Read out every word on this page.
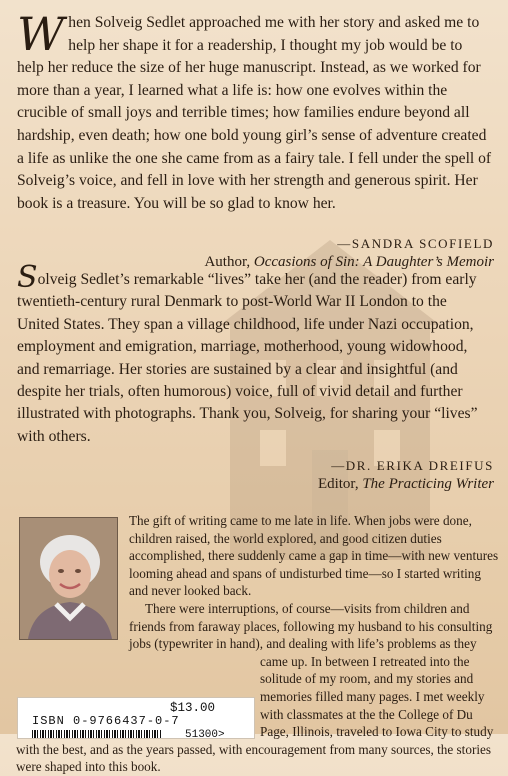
When Solveig Sedlet approached me with her story and asked me to help her shape it for a readership, I thought my job would be to help her reduce the size of her huge manuscript. Instead, as we worked for more than a year, I learned what a life is: how one evolves within the crucible of small joys and terrible times; how families endure beyond all hardship, even death; how one bold young girl’s sense of adventure created a life as unlike the one she came from as a fairy tale. I fell under the spell of Solveig’s voice, and fell in love with her strength and generous spirit. Her book is a treasure. You will be so glad to know her.
—SANDRA SCOFIELD
Author, Occasions of Sin: A Daughter’s Memoir
Solveig Sedlet’s remarkable “lives” take her (and the reader) from early twentieth-century rural Denmark to post-World War II London to the United States. They span a village childhood, life under Nazi occupation, employment and emigration, marriage, motherhood, young widowhood, and remarriage. Her stories are sustained by a clear and insightful (and despite her trials, often humorous) voice, full of vivid detail and further illustrated with photographs. Thank you, Solveig, for sharing your “lives” with others.
—DR. ERIKA DREIFUS
Editor, The Practicing Writer

The gift of writing came to me late in life. When jobs were done, children raised, the world explored, and good citizen duties accomplished, there suddenly came a gap in time—with new ventures looming ahead and spans of undisturbed time—so I started writing and never looked back.

There were interruptions, of course—visits from children and friends from faraway places, following my husband to his consulting jobs (typewriter in hand), and dealing with life’s problems as they came up. In between I retreated into the solitude of my room, and my stories and memories filled many pages. I met weekly with classmates at the the College of Du Page, Illinois, traveled to Iowa City to study with the best, and as the years passed, with encouragement from many sources, the stories were shaped into this book.

$13.00
ISBN 0-9766437-0-7
51300>
